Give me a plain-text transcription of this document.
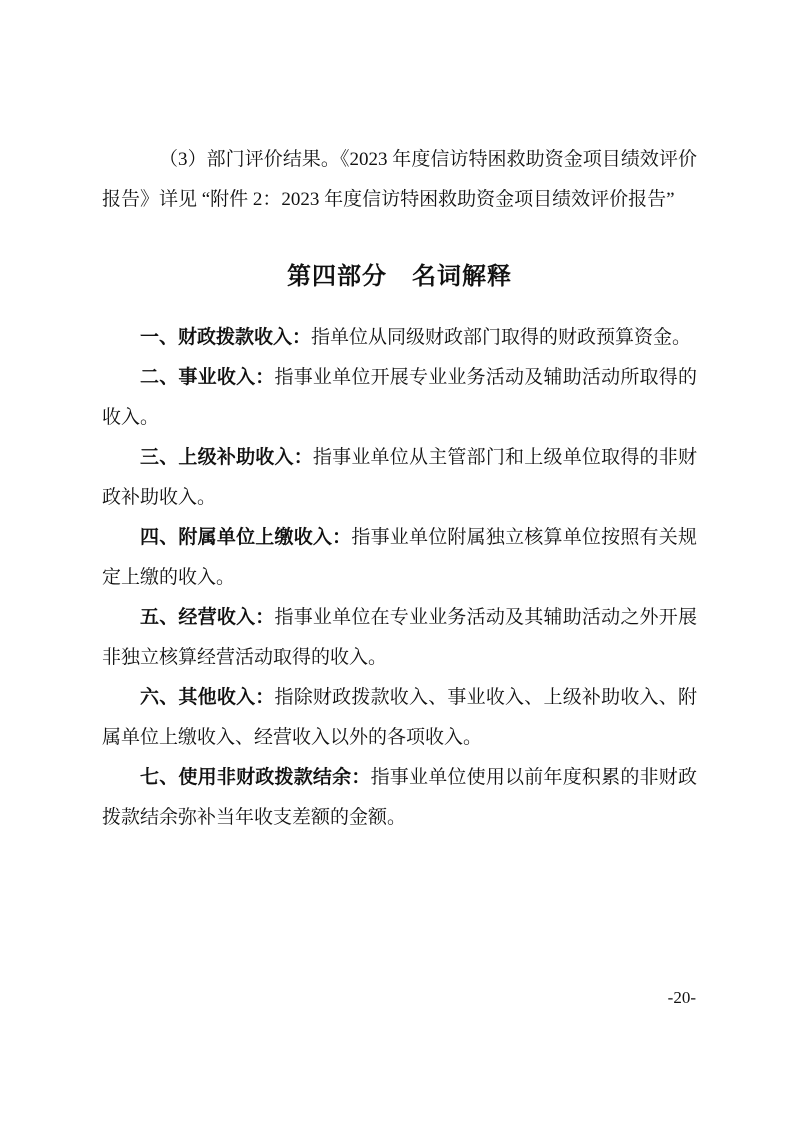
（3）部门评价结果。《2023 年度信访特困救助资金项目绩效评价报告》详见 “附件 2：2023 年度信访特困救助资金项目绩效评价报告”

第四部分　名词解释

一、财政拨款收入：指单位从同级财政部门取得的财政预算资金。

二、事业收入：指事业单位开展专业业务活动及辅助活动所取得的收入。

三、上级补助收入：指事业单位从主管部门和上级单位取得的非财政补助收入。

四、附属单位上缴收入：指事业单位附属独立核算单位按照有关规定上缴的收入。

五、经营收入：指事业单位在专业业务活动及其辅助活动之外开展非独立核算经营活动取得的收入。

六、其他收入：指除财政拨款收入、事业收入、上级补助收入、附属单位上缴收入、经营收入以外的各项收入。

七、使用非财政拨款结余：指事业单位使用以前年度积累的非财政拨款结余弥补当年收支差额的金额。

-20-
